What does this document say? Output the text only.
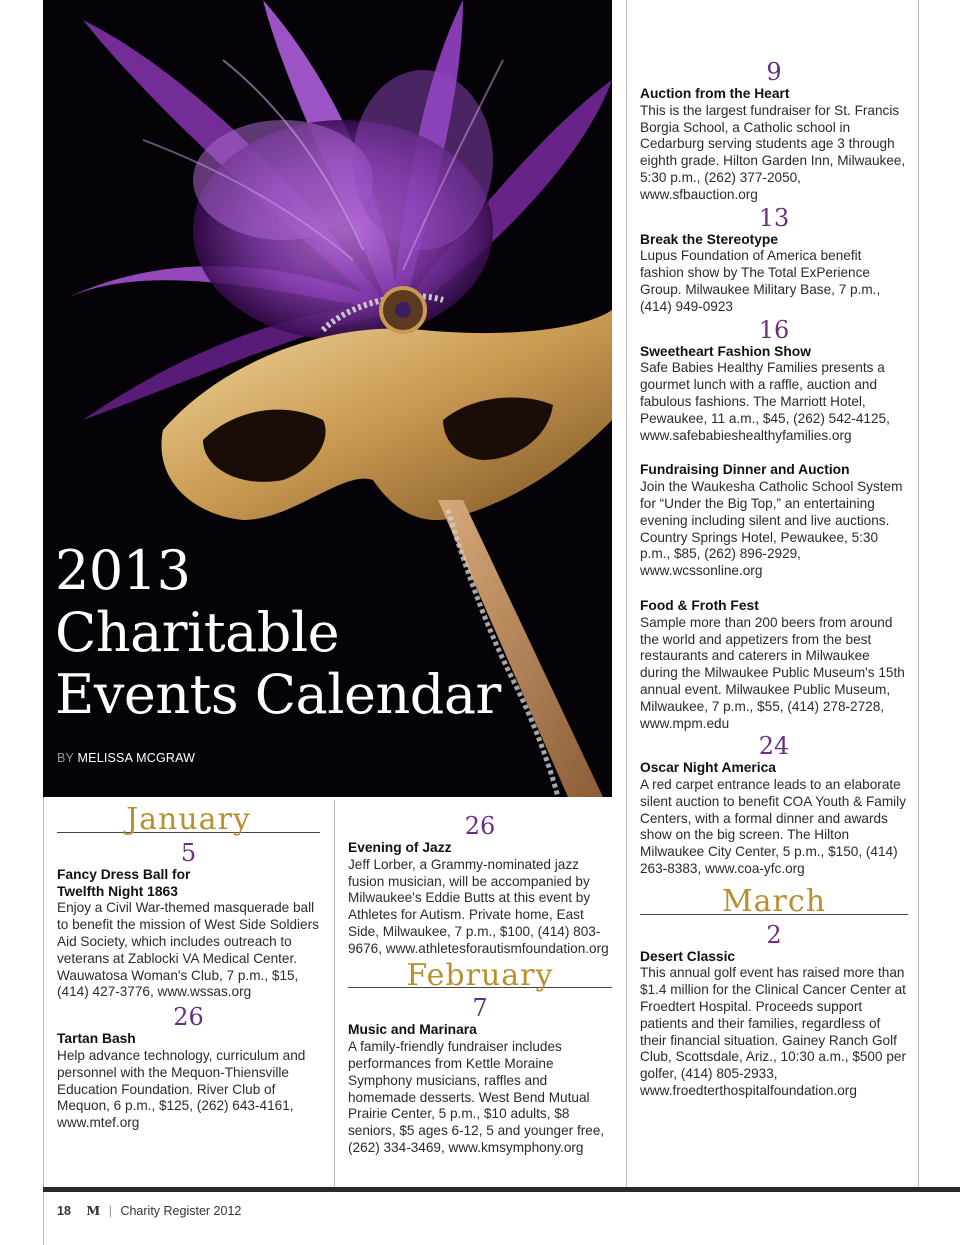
2013
Charitable
Events Calendar
BY MELISSA MCGRAW
January
5
Fancy Dress Ball for Twelfth Night 1863
Enjoy a Civil War-themed masquerade ball to benefit the mission of West Side Soldiers Aid Society, which includes outreach to veterans at Zablocki VA Medical Center. Wauwatosa Woman's Club, 7 p.m., $15, (414) 427-3776, www.wssas.org
26
Tartan Bash
Help advance technology, curriculum and personnel with the Mequon-Thiensville Education Foundation. River Club of Mequon, 6 p.m., $125, (262) 643-4161, www.mtef.org
26
Evening of Jazz
Jeff Lorber, a Grammy-nominated jazz fusion musician, will be accompanied by Milwaukee's Eddie Butts at this event by Athletes for Autism. Private home, East Side, Milwaukee, 7 p.m., $100, (414) 803-9676, www.athletesforautismfoundation.org
February
7
Music and Marinara
A family-friendly fundraiser includes performances from Kettle Moraine Symphony musicians, raffles and homemade desserts. West Bend Mutual Prairie Center, 5 p.m., $10 adults, $8 seniors, $5 ages 6-12, 5 and younger free, (262) 334-3469, www.kmsymphony.org
9
Auction from the Heart
This is the largest fundraiser for St. Francis Borgia School, a Catholic school in Cedarburg serving students age 3 through eighth grade. Hilton Garden Inn, Milwaukee, 5:30 p.m., (262) 377-2050, www.sfbauction.org
13
Break the Stereotype
Lupus Foundation of America benefit fashion show by The Total ExPerience Group. Milwaukee Military Base, 7 p.m., (414) 949-0923
16
Sweetheart Fashion Show
Safe Babies Healthy Families presents a gourmet lunch with a raffle, auction and fabulous fashions. The Marriott Hotel, Pewaukee, 11 a.m., $45, (262) 542-4125, www.safebabieshealthyfamilies.org
Fundraising Dinner and Auction
Join the Waukesha Catholic School System for “Under the Big Top,” an entertaining evening including silent and live auctions. Country Springs Hotel, Pewaukee, 5:30 p.m., $85, (262) 896-2929, www.wcssonline.org
Food & Froth Fest
Sample more than 200 beers from around the world and appetizers from the best restaurants and caterers in Milwaukee during the Milwaukee Public Museum's 15th annual event. Milwaukee Public Museum, Milwaukee, 7 p.m., $55, (414) 278-2728, www.mpm.edu
24
Oscar Night America
A red carpet entrance leads to an elaborate silent auction to benefit COA Youth & Family Centers, with a formal dinner and awards show on the big screen. The Hilton Milwaukee City Center, 5 p.m., $150, (414) 263-8383, www.coa-yfc.org
March
2
Desert Classic
This annual golf event has raised more than $1.4 million for the Clinical Cancer Center at Froedtert Hospital. Proceeds support patients and their families, regardless of their financial situation. Gainey Ranch Golf Club, Scottsdale, Ariz., 10:30 a.m., $500 per golfer, (414) 805-2933, www.froedterthospitalfoundation.org
18 M | Charity Register 2012
